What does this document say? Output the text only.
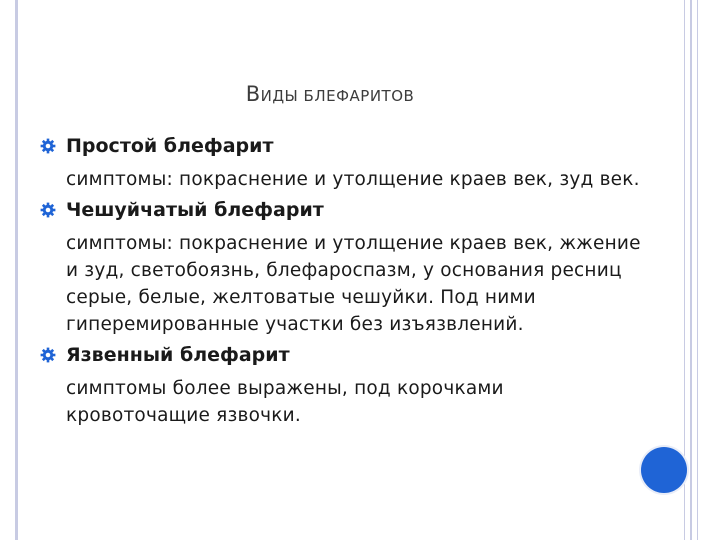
ВИДЫ БЛЕФАРИТОВ
Простой блефарит
симптомы: покраснение и утолщение краев век, зуд век.
Чешуйчатый блефарит
симптомы: покраснение и утолщение краев век, жжение и зуд, светобоязнь, блефароспазм, у основания ресниц серые, белые, желтоватые чешуйки. Под ними гиперемированные участки без изъязвлений.
Язвенный блефарит
симптомы более выражены, под корочками кровоточащие язвочки.
